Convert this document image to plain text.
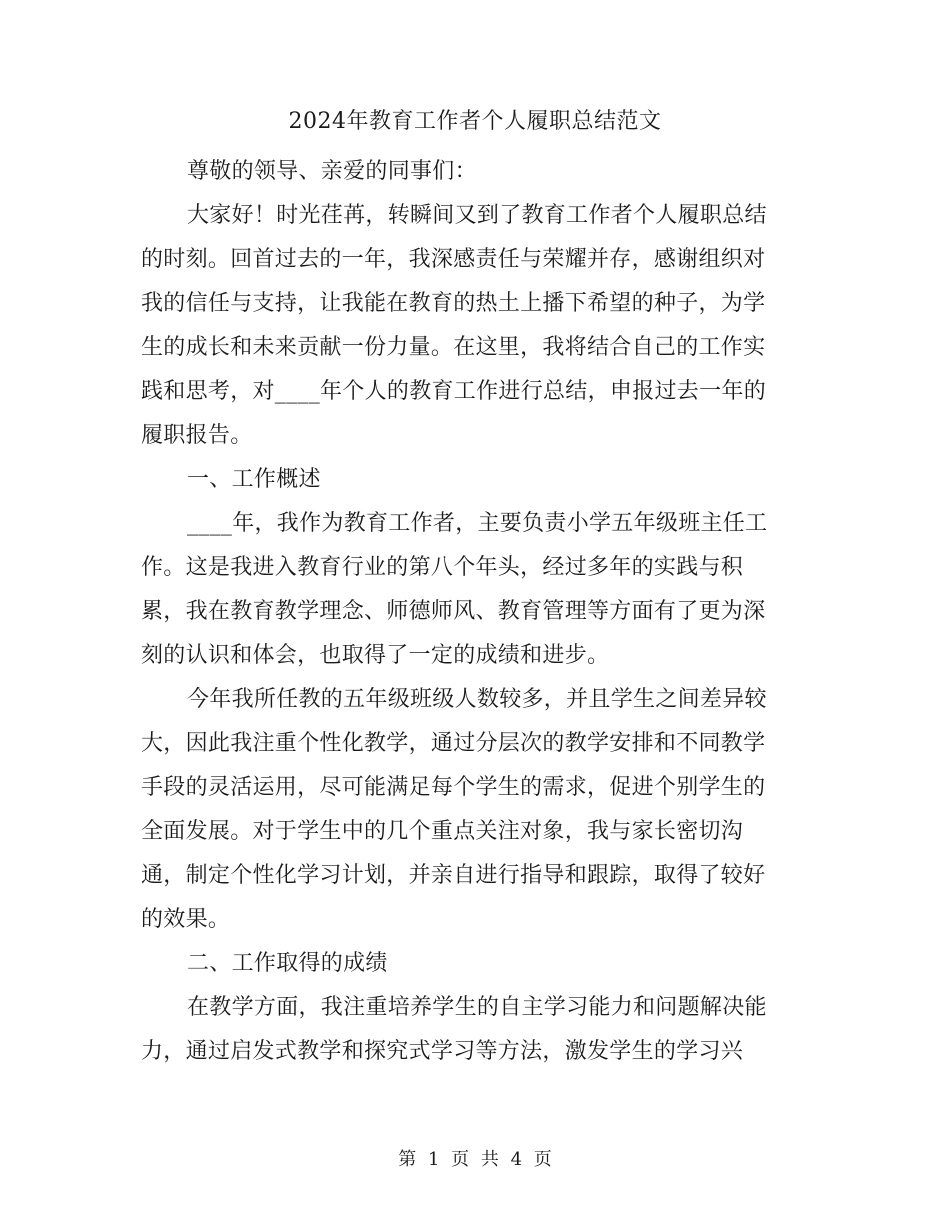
2024年教育工作者个人履职总结范文
尊敬的领导、亲爱的同事们：
大家好！时光荏苒，转瞬间又到了教育工作者个人履职总结
的时刻。回首过去的一年，我深感责任与荣耀并存，感谢组织对
我的信任与支持，让我能在教育的热土上播下希望的种子，为学
生的成长和未来贡献一份力量。在这里，我将结合自己的工作实
践和思考，对____年个人的教育工作进行总结，申报过去一年的
履职报告。
一、工作概述
____年，我作为教育工作者，主要负责小学五年级班主任工
作。这是我进入教育行业的第八个年头，经过多年的实践与积
累，我在教育教学理念、师德师风、教育管理等方面有了更为深
刻的认识和体会，也取得了一定的成绩和进步。
今年我所任教的五年级班级人数较多，并且学生之间差异较
大，因此我注重个性化教学，通过分层次的教学安排和不同教学
手段的灵活运用，尽可能满足每个学生的需求，促进个别学生的
全面发展。对于学生中的几个重点关注对象，我与家长密切沟
通，制定个性化学习计划，并亲自进行指导和跟踪，取得了较好
的效果。
二、工作取得的成绩
在教学方面，我注重培养学生的自主学习能力和问题解决能
力，通过启发式教学和探究式学习等方法，激发学生的学习兴
第 1 页 共 4 页
